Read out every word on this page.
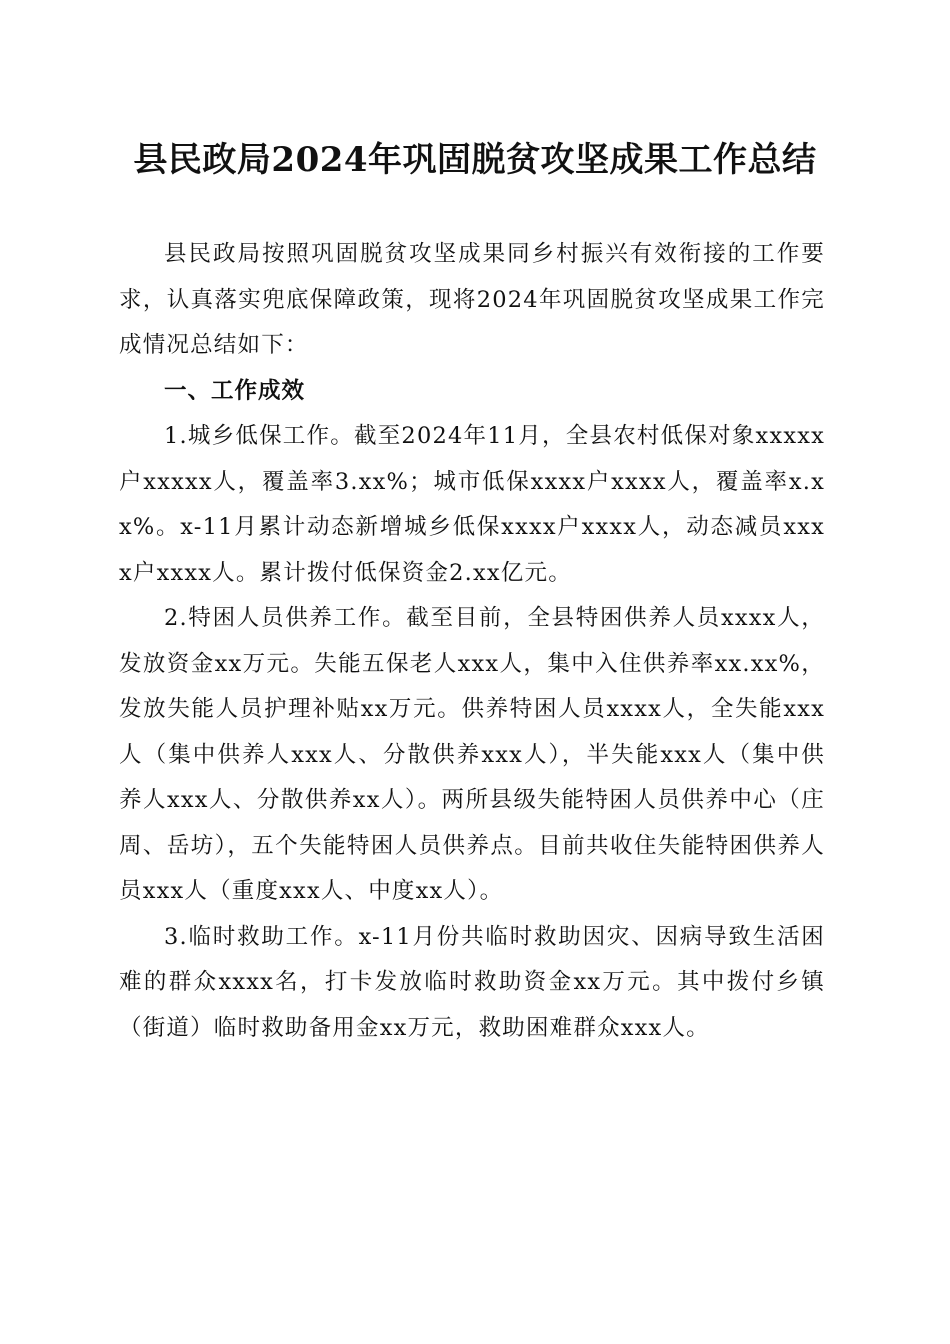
县民政局2024年巩固脱贫攻坚成果工作总结

县民政局按照巩固脱贫攻坚成果同乡村振兴有效衔接的工作要求，认真落实兜底保障政策，现将2024年巩固脱贫攻坚成果工作完成情况总结如下：

一、工作成效

1.城乡低保工作。截至2024年11月，全县农村低保对象xxxxx户xxxxx人，覆盖率3.xx%；城市低保xxxx户xxxx人，覆盖率x.xx%。x-11月累计动态新增城乡低保xxxx户xxxx人，动态减员xxxx户xxxx人。累计拨付低保资金2.xx亿元。

2.特困人员供养工作。截至目前，全县特困供养人员xxxx人，发放资金xx万元。失能五保老人xxx人，集中入住供养率xx.xx%，发放失能人员护理补贴xx万元。供养特困人员xxxx人，全失能xxx人（集中供养人xxx人、分散供养xxx人），半失能xxx人（集中供养人xxx人、分散供养xx人）。两所县级失能特困人员供养中心（庄周、岳坊），五个失能特困人员供养点。目前共收住失能特困供养人员xxx人（重度xxx人、中度xx人）。

3.临时救助工作。x-11月份共临时救助因灾、因病导致生活困难的群众xxxx名，打卡发放临时救助资金xx万元。其中拨付乡镇（街道）临时救助备用金xx万元，救助困难群众xxx人。
